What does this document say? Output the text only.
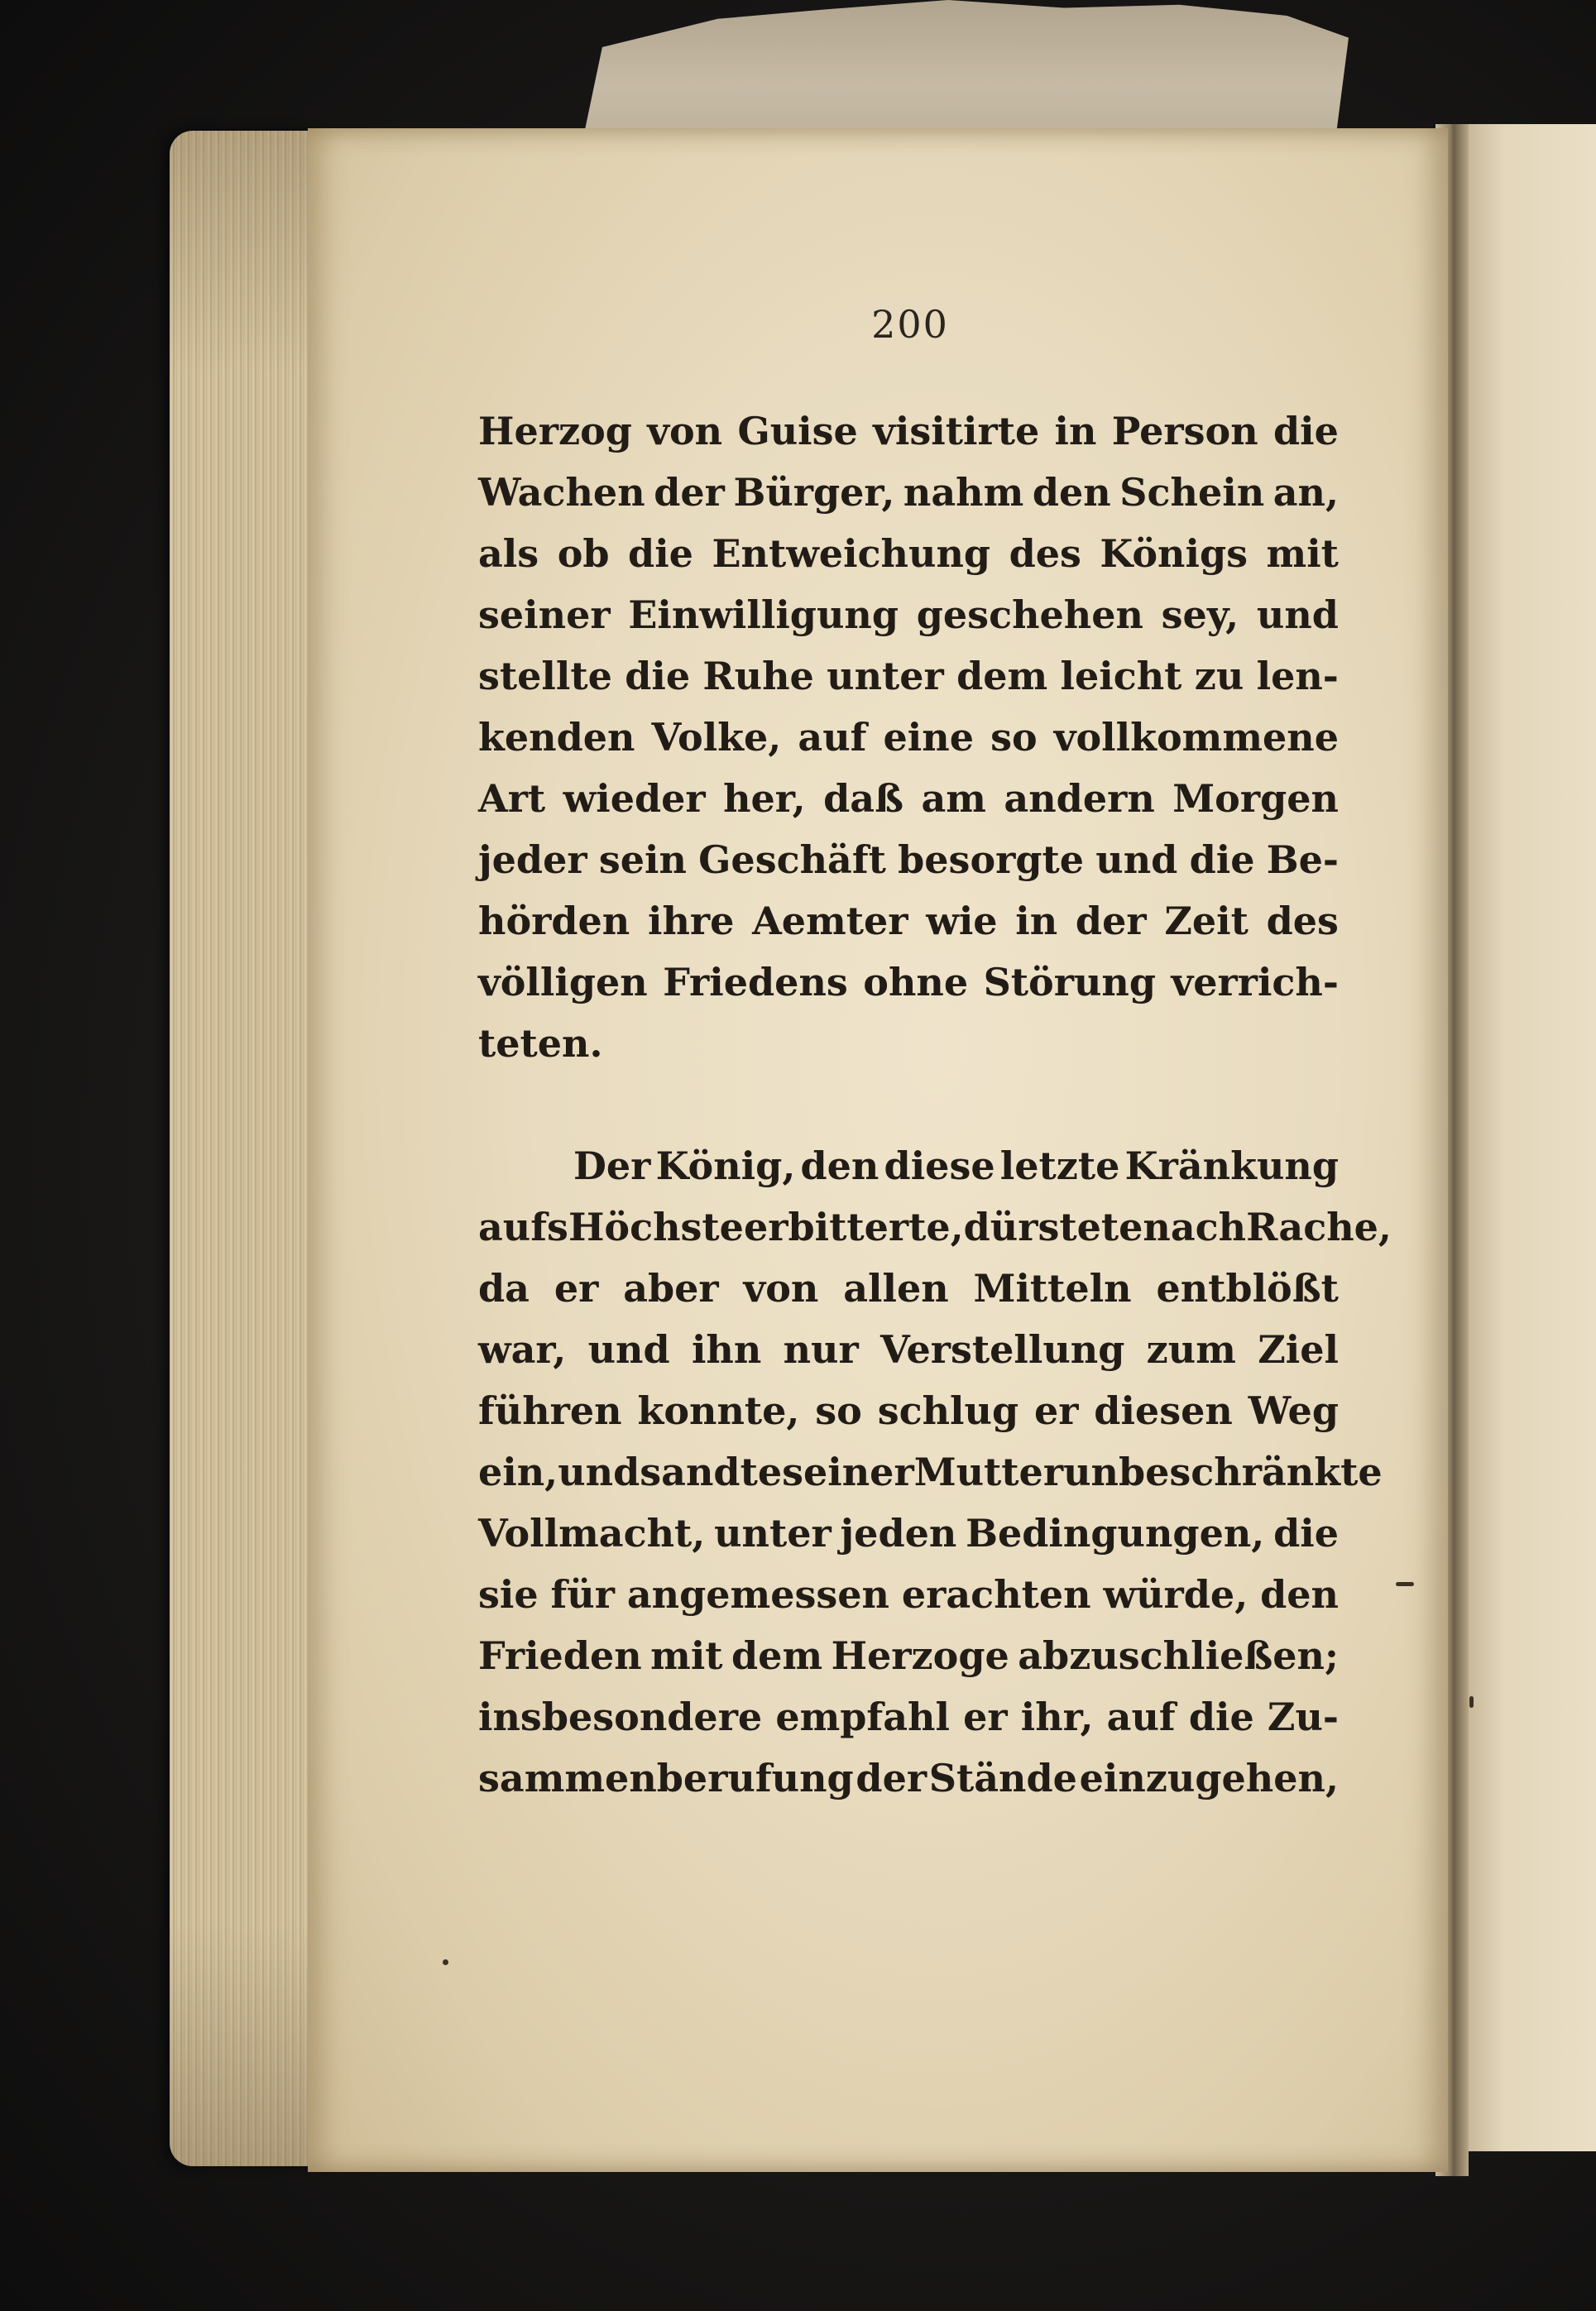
200
Herzog von Guise visitirte in Person die
Wachen der Bürger, nahm den Schein an,
als ob die Entweichung des Königs mit
seiner Einwilligung geschehen sey, und
stellte die Ruhe unter dem leicht zu len-
kenden Volke, auf eine so vollkommene
Art wieder her, daß am andern Morgen
jeder sein Geschäft besorgte und die Be-
hörden ihre Aemter wie in der Zeit des
völligen Friedens ohne Störung verrich-
teten.
Der König, den diese letzte Kränkung
aufs Höchste erbitterte, dürstete nach Rache,
da er aber von allen Mitteln entblößt
war, und ihn nur Verstellung zum Ziel
führen konnte, so schlug er diesen Weg
ein, und sandte seiner Mutter unbeschränkte
Vollmacht, unter jeden Bedingungen, die
sie für angemessen erachten würde, den
Frieden mit dem Herzoge abzuschließen;
insbesondere empfahl er ihr, auf die Zu-
sammenberufung der Stände einzugehen,
